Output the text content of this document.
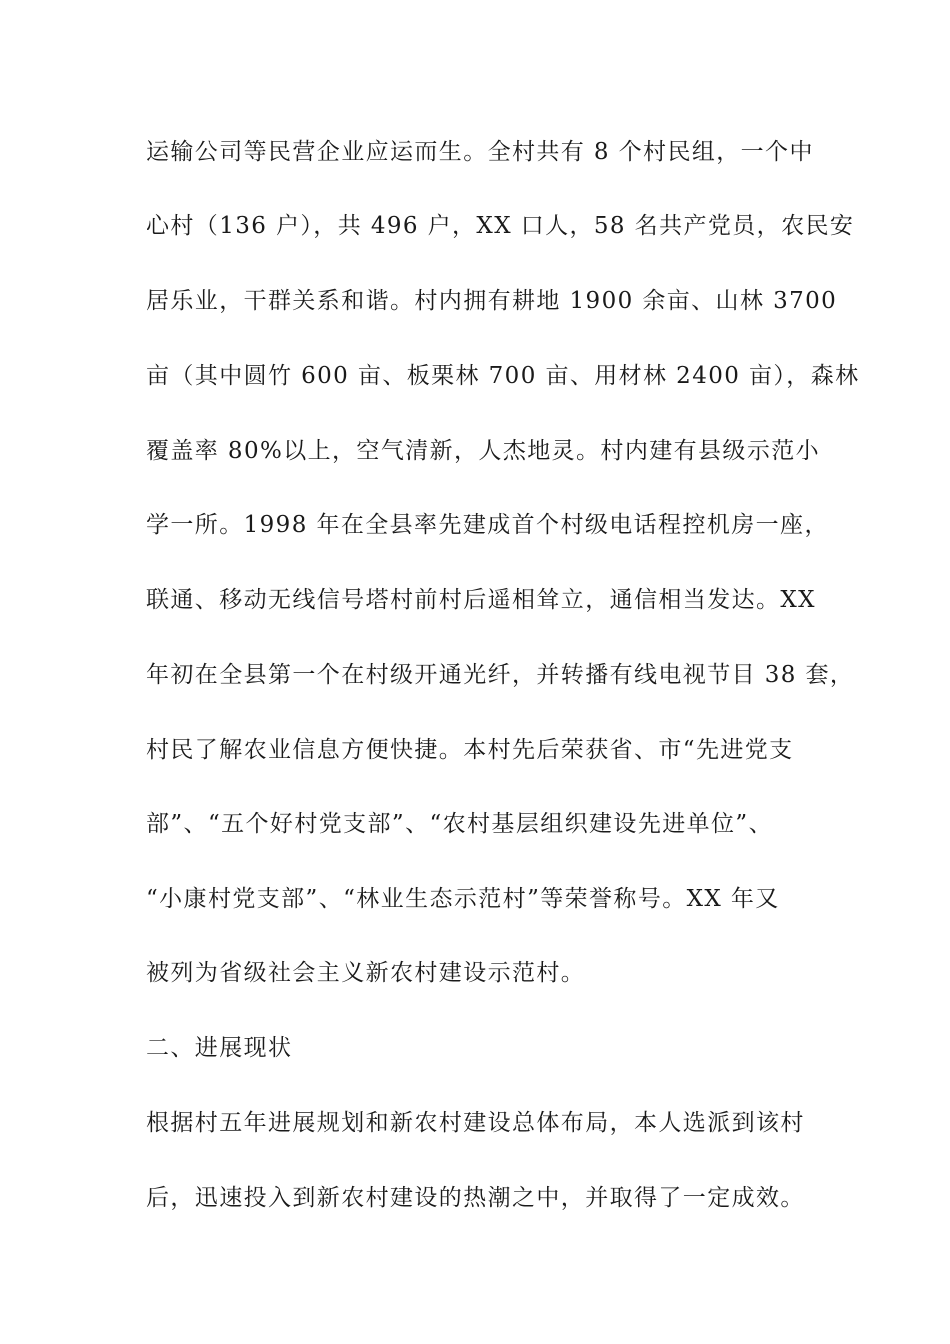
运输公司等民营企业应运而生。全村共有 8 个村民组，一个中
心村（136 户），共 496 户，XX 口人，58 名共产党员，农民安
居乐业，干群关系和谐。村内拥有耕地 1900 余亩、山林 3700
亩（其中圆竹 600 亩、板栗林 700 亩、用材林 2400 亩），森林
覆盖率 80%以上，空气清新，人杰地灵。村内建有县级示范小
学一所。1998 年在全县率先建成首个村级电话程控机房一座，
联通、移动无线信号塔村前村后遥相耸立，通信相当发达。XX
年初在全县第一个在村级开通光纤，并转播有线电视节目 38 套，
村民了解农业信息方便快捷。本村先后荣获省、市“先进党支
部”、“五个好村党支部”、“农村基层组织建设先进单位”、
“小康村党支部”、“林业生态示范村”等荣誉称号。XX 年又
被列为省级社会主义新农村建设示范村。
二、进展现状
根据村五年进展规划和新农村建设总体布局，本人选派到该村
后，迅速投入到新农村建设的热潮之中，并取得了一定成效。
